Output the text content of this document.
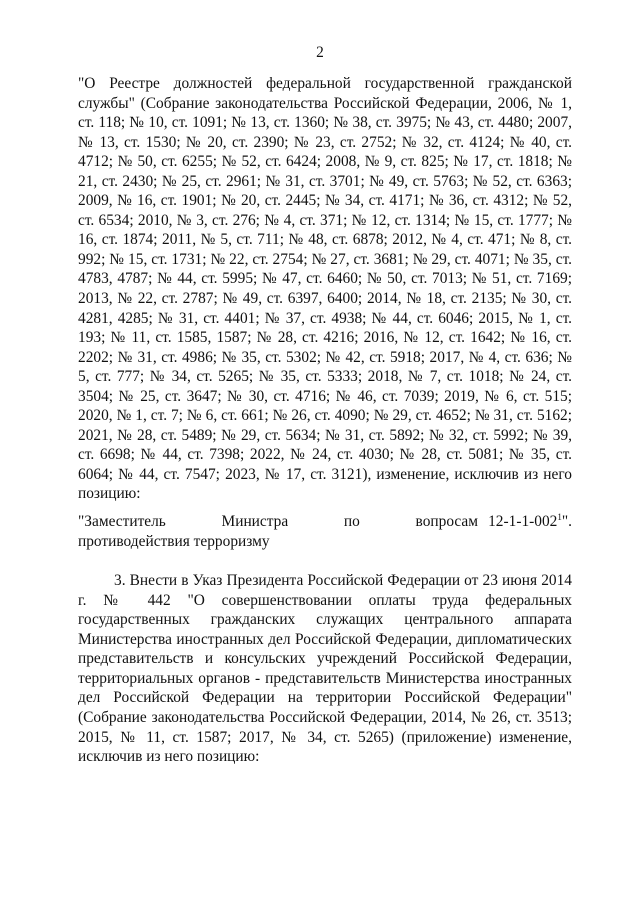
2

"О Реестре должностей федеральной государственной гражданской службы" (Собрание законодательства Российской Федерации, 2006, № 1, ст. 118; № 10, ст. 1091; № 13, ст. 1360; № 38, ст. 3975; № 43, ст. 4480; 2007, № 13, ст. 1530; № 20, ст. 2390; № 23, ст. 2752; № 32, ст. 4124; № 40, ст. 4712; № 50, ст. 6255; № 52, ст. 6424; 2008, № 9, ст. 825; № 17, ст. 1818; № 21, ст. 2430; № 25, ст. 2961; № 31, ст. 3701; № 49, ст. 5763; № 52, ст. 6363; 2009, № 16, ст. 1901; № 20, ст. 2445; № 34, ст. 4171; № 36, ст. 4312; № 52, ст. 6534; 2010, № 3, ст. 276; № 4, ст. 371; № 12, ст. 1314; № 15, ст. 1777; № 16, ст. 1874; 2011, № 5, ст. 711; № 48, ст. 6878; 2012, № 4, ст. 471; № 8, ст. 992; № 15, ст. 1731; № 22, ст. 2754; № 27, ст. 3681; № 29, ст. 4071; № 35, ст. 4783, 4787; № 44, ст. 5995; № 47, ст. 6460; № 50, ст. 7013; № 51, ст. 7169; 2013, № 22, ст. 2787; № 49, ст. 6397, 6400; 2014, № 18, ст. 2135; № 30, ст. 4281, 4285; № 31, ст. 4401; № 37, ст. 4938; № 44, ст. 6046; 2015, № 1, ст. 193; № 11, ст. 1585, 1587; № 28, ст. 4216; 2016, № 12, ст. 1642; № 16, ст. 2202; № 31, ст. 4986; № 35, ст. 5302; № 42, ст. 5918; 2017, № 4, ст. 636; № 5, ст. 777; № 34, ст. 5265; № 35, ст. 5333; 2018, № 7, ст. 1018; № 24, ст. 3504; № 25, ст. 3647; № 30, ст. 4716; № 46, ст. 7039; 2019, № 6, ст. 515; 2020, № 1, ст. 7; № 6, ст. 661; № 26, ст. 4090; № 29, ст. 4652; № 31, ст. 5162; 2021, № 28, ст. 5489; № 29, ст. 5634; № 31, ст. 5892; № 32, ст. 5992; № 39, ст. 6698; № 44, ст. 7398; 2022, № 24, ст. 4030; № 28, ст. 5081; № 35, ст. 6064; № 44, ст. 7547; 2023, № 17, ст. 3121), изменение, исключив из него позицию:

"Заместитель Министра по вопросам $12-1-1-002^1$".

противодействия терроризму

3. Внести в Указ Президента Российской Федерации от 23 июня 2014 г. № 442 "О совершенствовании оплаты труда федеральных государственных гражданских служащих центрального аппарата Министерства иностранных дел Российской Федерации, дипломатических представительств и консульских учреждений Российской Федерации, территориальных органов - представительств Министерства иностранных дел Российской Федерации на территории Российской Федерации" (Собрание законодательства Российской Федерации, 2014, № 26, ст. 3513; 2015, № 11, ст. 1587; 2017, № 34, ст. 5265) (приложение) изменение, исключив из него позицию:
